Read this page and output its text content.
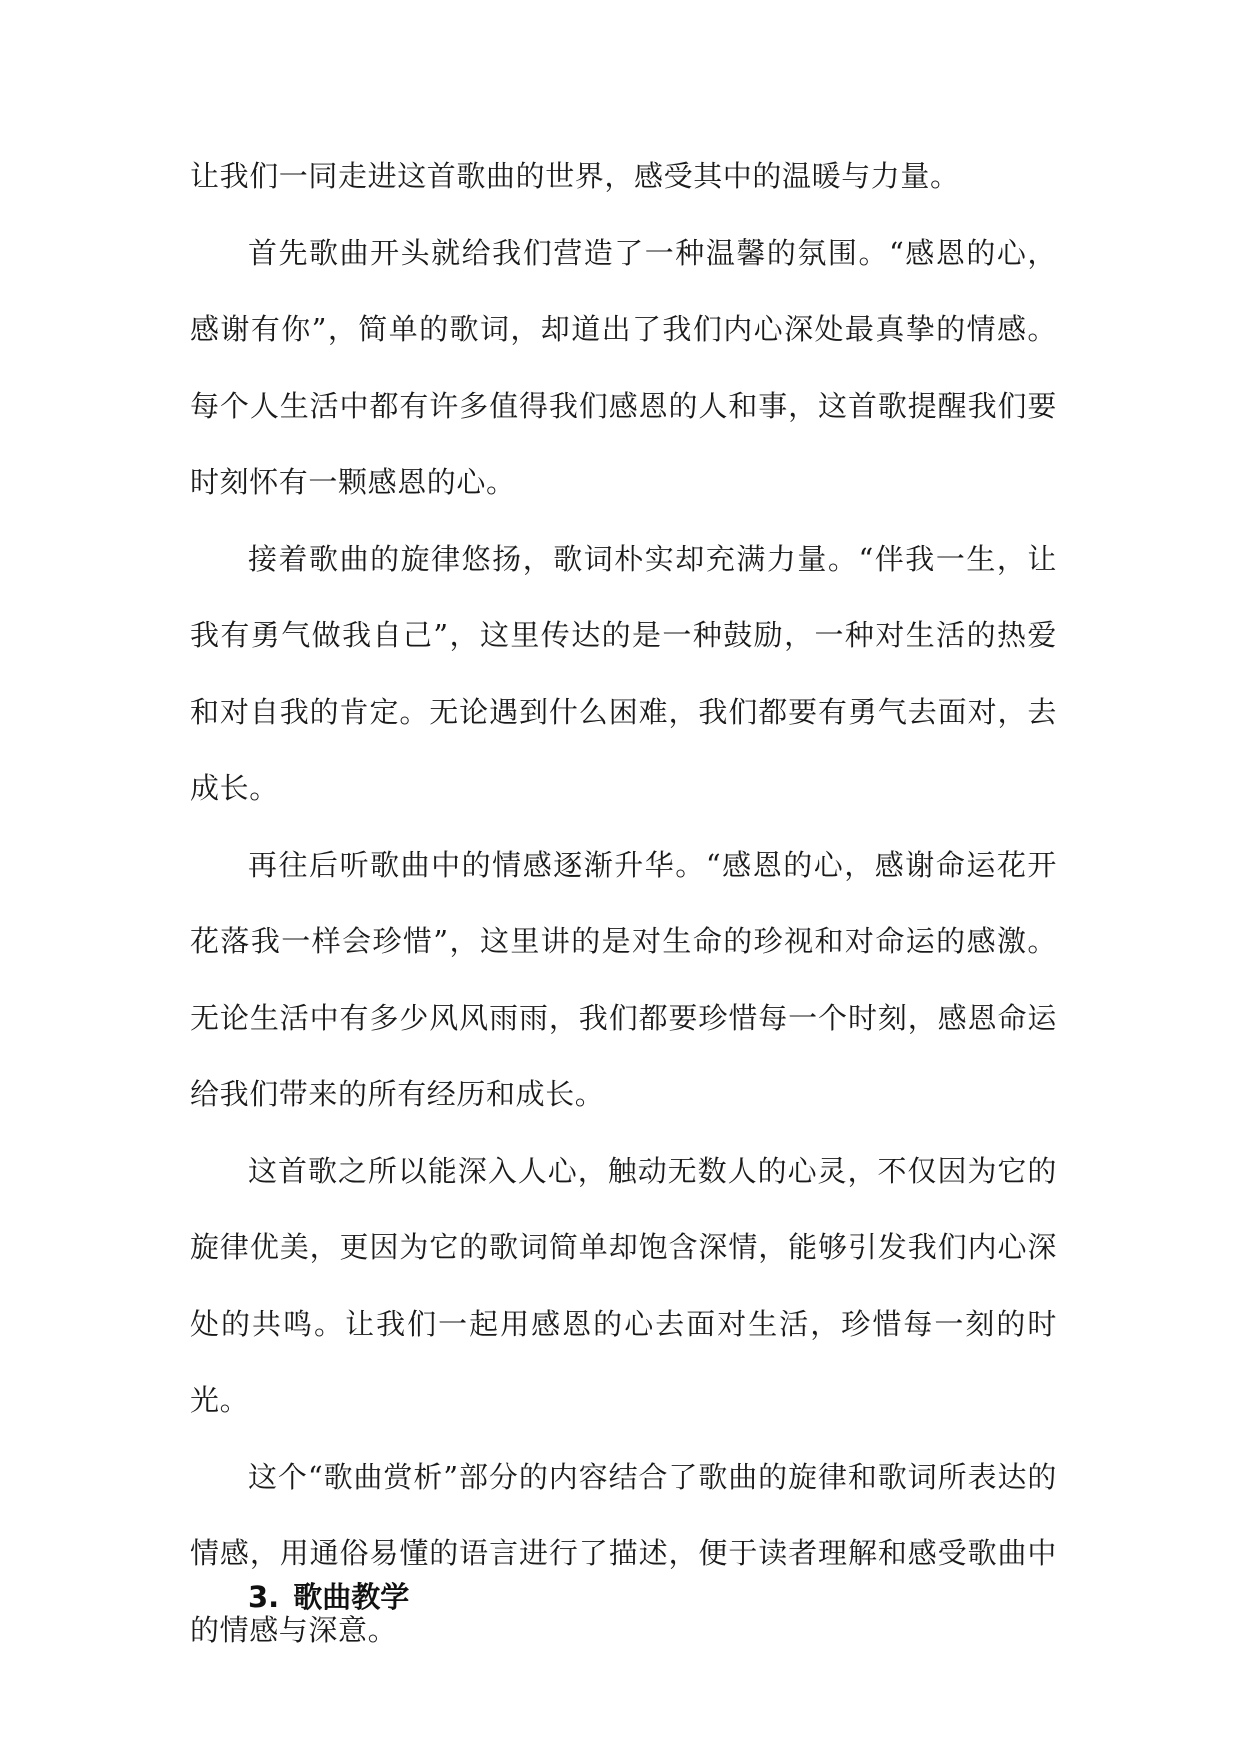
让我们一同走进这首歌曲的世界，感受其中的温暖与力量。

首先歌曲开头就给我们营造了一种温馨的氛围。“感恩的心，感谢有你”，简单的歌词，却道出了我们内心深处最真挚的情感。每个人生活中都有许多值得我们感恩的人和事，这首歌提醒我们要时刻怀有一颗感恩的心。

接着歌曲的旋律悠扬，歌词朴实却充满力量。“伴我一生，让我有勇气做我自己”，这里传达的是一种鼓励，一种对生活的热爱和对自我的肯定。无论遇到什么困难，我们都要有勇气去面对，去成长。

再往后听歌曲中的情感逐渐升华。“感恩的心，感谢命运花开花落我一样会珍惜”，这里讲的是对生命的珍视和对命运的感激。无论生活中有多少风风雨雨，我们都要珍惜每一个时刻，感恩命运给我们带来的所有经历和成长。

这首歌之所以能深入人心，触动无数人的心灵，不仅因为它的旋律优美，更因为它的歌词简单却饱含深情，能够引发我们内心深处的共鸣。让我们一起用感恩的心去面对生活，珍惜每一刻的时光。

这个“歌曲赏析”部分的内容结合了歌曲的旋律和歌词所表达的情感，用通俗易懂的语言进行了描述，便于读者理解和感受歌曲中的情感与深意。

3. 歌曲教学
